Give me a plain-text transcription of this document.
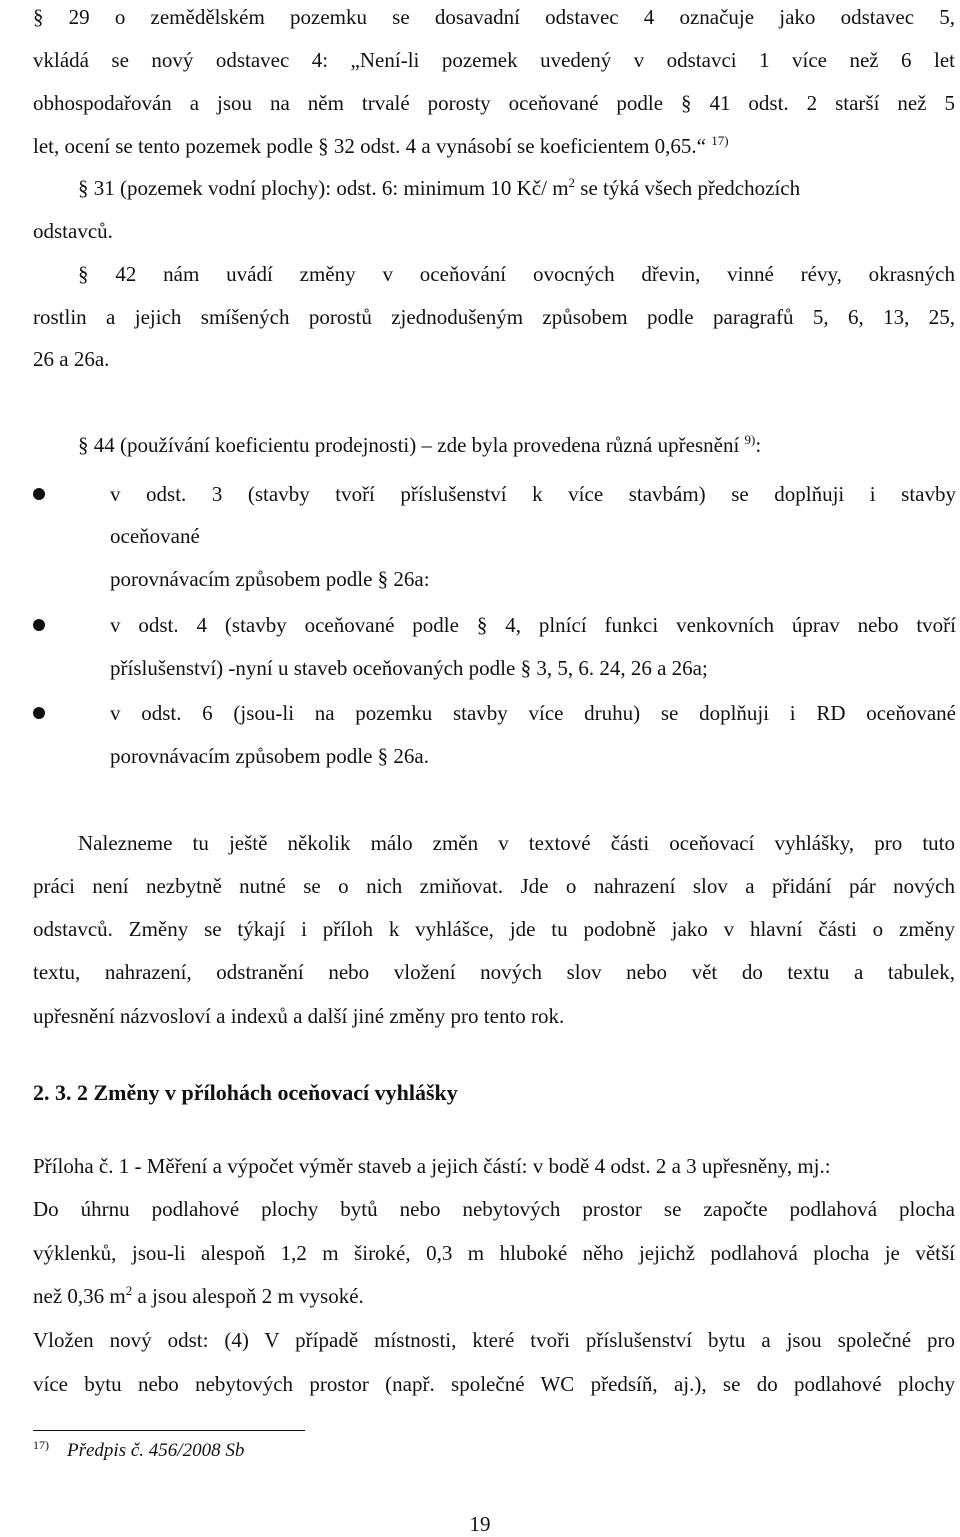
§ 29 o zemědělském pozemku se dosavadní odstavec 4 označuje jako odstavec 5,
vkládá se nový odstavec 4: „Není-li pozemek uvedený v odstavci 1 více než 6 let
obhospodařován a jsou na něm trvalé porosty oceňované podle § 41 odst. 2 starší než 5
let, ocení se tento pozemek podle § 32 odst. 4 a vynásobí se koeficientem 0,65.“ $^{17)}$
§ 31 (pozemek vodní plochy): odst. 6: minimum 10 Kč/ $m^2$ se týká všech předchozích
odstavců.
§ 42 nám uvádí změny v oceňování ovocných dřevin, vinné révy, okrasných
rostlin a jejich smíšených porostů zjednodušeným způsobem podle paragrafů 5, 6, 13, 25,
26 a 26a.
§ 44 (používání koeficientu prodejnosti) – zde byla provedena různá upřesnění $^{9)}$:
v odst. 3 (stavby tvoří příslušenství k více stavbám) se doplňuji i stavby
oceňované
porovnávacím způsobem podle § 26a:
v odst. 4 (stavby oceňované podle § 4, plnící funkci venkovních úprav nebo tvoří
příslušenství) -nyní u staveb oceňovaných podle § 3, 5, 6. 24, 26 a 26a;
v odst. 6 (jsou-li na pozemku stavby více druhu) se doplňuji i RD oceňované
porovnávacím způsobem podle § 26a.
Nalezneme tu ještě několik málo změn v textové části oceňovací vyhlášky, pro tuto
práci není nezbytně nutné se o nich zmiňovat. Jde o nahrazení slov a přidání pár nových
odstavců. Změny se týkají i příloh k vyhlášce, jde tu podobně jako v hlavní části o změny
textu, nahrazení, odstranění nebo vložení nových slov nebo vět do textu a tabulek,
upřesnění názvosloví a indexů a další jiné změny pro tento rok.
2. 3. 2 Změny v přílohách oceňovací vyhlášky
Příloha č. 1 - Měření a výpočet výměr staveb a jejich částí: v bodě 4 odst. 2 a 3 upřesněny, mj.:
Do úhrnu podlahové plochy bytů nebo nebytových prostor se započte podlahová plocha
výklenků, jsou-li alespoň 1,2 m široké, 0,3 m hluboké něho jejichž podlahová plocha je větší
než 0,36 $m^2$ a jsou alespoň 2 m vysoké.
Vložen nový odst: (4) V případě místnosti, které tvoři příslušenství bytu a jsou společné pro
více bytu nebo nebytových prostor (např. společné WC předsíň, aj.), se do podlahové plochy
$^{17)}$ Předpis č. 456/2008 Sb
19
